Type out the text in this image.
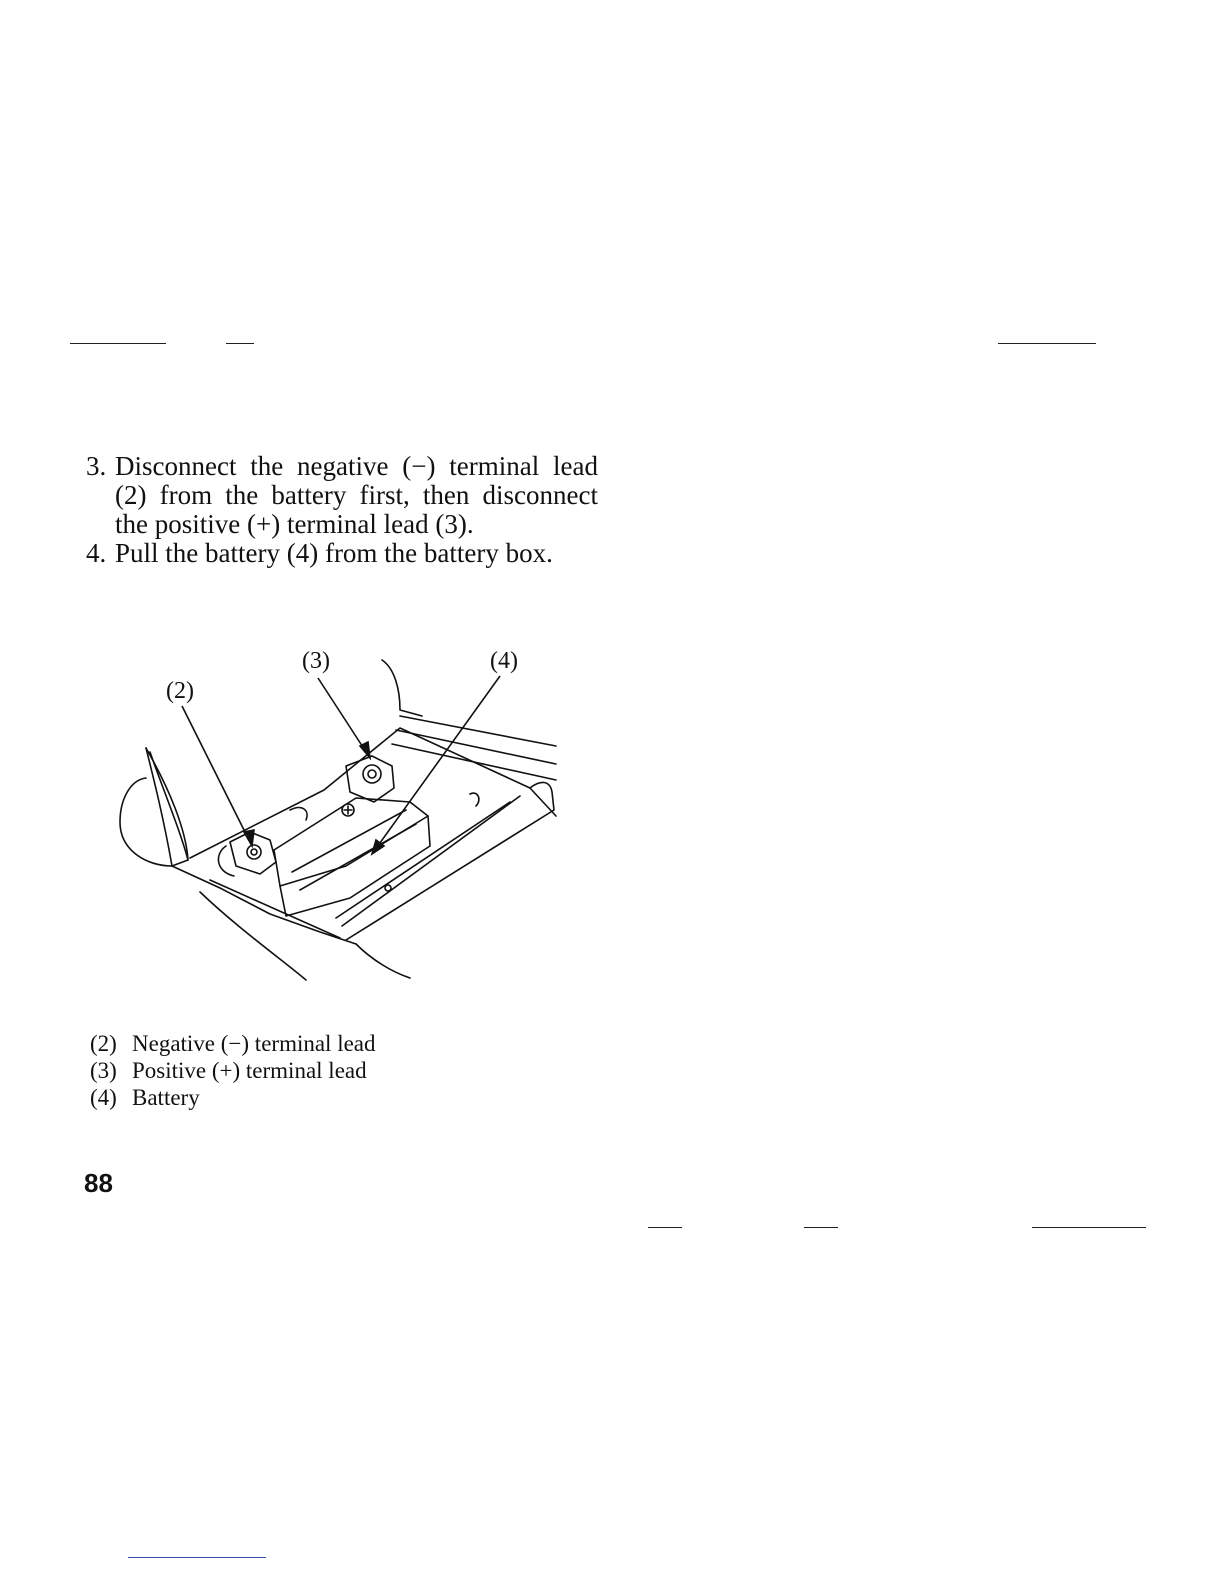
3. Disconnect the negative (−) terminal lead (2) from the battery first, then disconnect the positive (+) terminal lead (3).
4. Pull the battery (4) from the battery box.
(2)
(3)	(4)
(2) Negative (−) terminal lead
(3) Positive (+) terminal lead
(4) Battery
88
